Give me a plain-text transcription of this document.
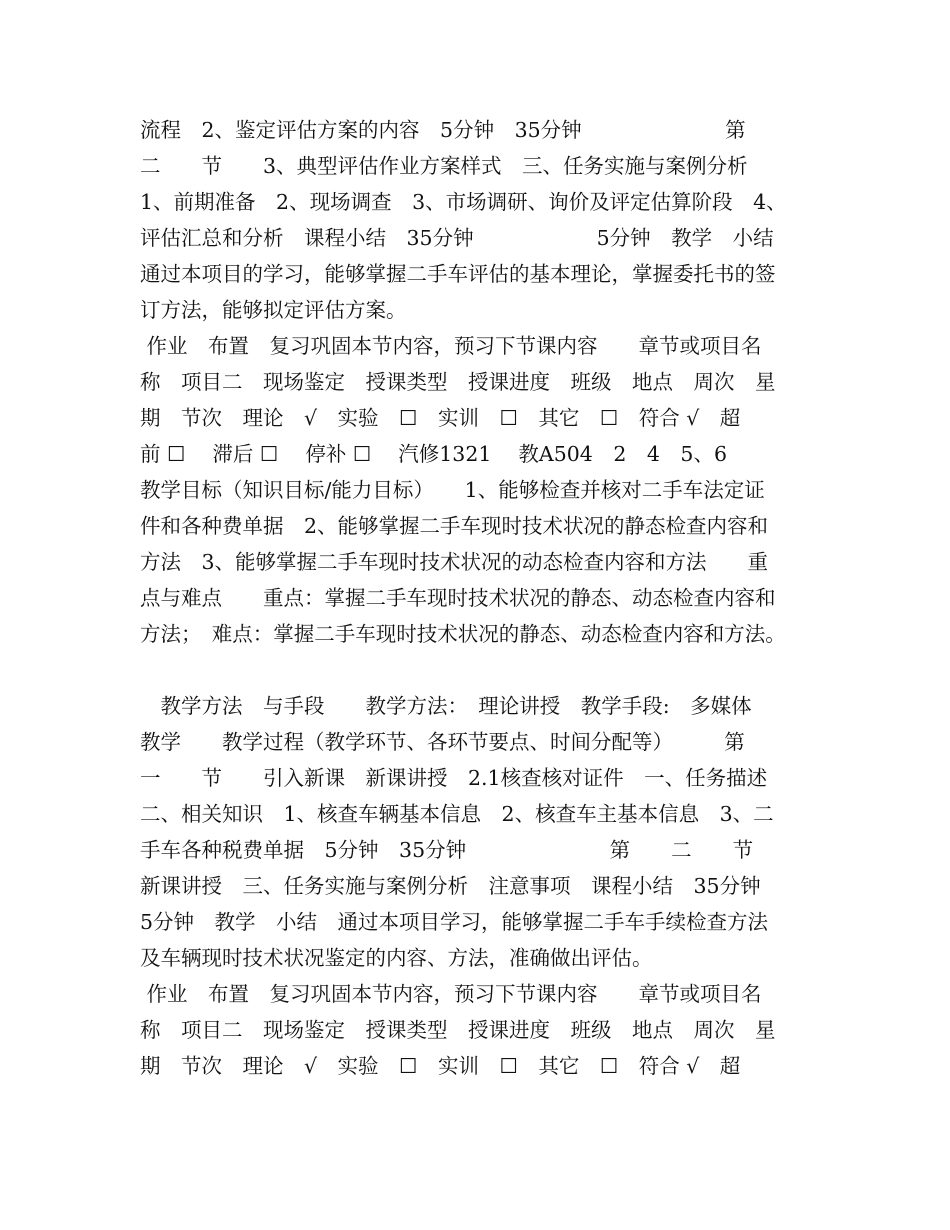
流程　2、鉴定评估方案的内容　5分钟　35分钟　　　　　　　第
二　　节　　3、典型评估作业方案样式　三、任务实施与案例分析
1、前期准备　2、现场调查　3、市场调研、询价及评定估算阶段　4、
评估汇总和分析　课程小结　35分钟　　　　　　5分钟　教学　小结
通过本项目的学习，能够掌握二手车评估的基本理论，掌握委托书的签
订方法，能够拟定评估方案。
作业　布置　复习巩固本节内容，预习下节课内容　　章节或项目名
称　项目二　现场鉴定　授课类型　授课进度　班级　地点　周次　星
期　节次　理论　√　实验　☐　实训　☐　其它　☐　符合 √　超
前 ☐　 滞后 ☐　 停补 ☐　 汽修1321　 教A504　2　4　5、6
教学目标（知识目标/能力目标）　　1、能够检查并核对二手车法定证
件和各种费单据　2、能够掌握二手车现时技术状况的静态检查内容和
方法　3、能够掌握二手车现时技术状况的动态检查内容和方法　　重
点与难点　　重点：掌握二手车现时技术状况的静态、动态检查内容和
方法；　难点：掌握二手车现时技术状况的静态、动态检查内容和方法。
　教学方法　与手段　　教学方法：　理论讲授　教学手段:　多媒体
教学　　教学过程（教学环节、各环节要点、时间分配等）　　　第
一　　节　　引入新课　新课讲授　2.1核查核对证件　一、任务描述
二、相关知识　1、核查车辆基本信息　2、核查车主基本信息　3、二
手车各种税费单据　5分钟　35分钟　　　　　　　第　　二　　节
新课讲授　三、任务实施与案例分析　注意事项　课程小结　35分钟
5分钟　教学　小结　通过本项目学习，能够掌握二手车手续检查方法
及车辆现时技术状况鉴定的内容、方法，准确做出评估。
作业　布置　复习巩固本节内容，预习下节课内容　　章节或项目名
称　项目二　现场鉴定　授课类型　授课进度　班级　地点　周次　星
期　节次　理论　√　实验　☐　实训　☐　其它　☐　符合 √　超
